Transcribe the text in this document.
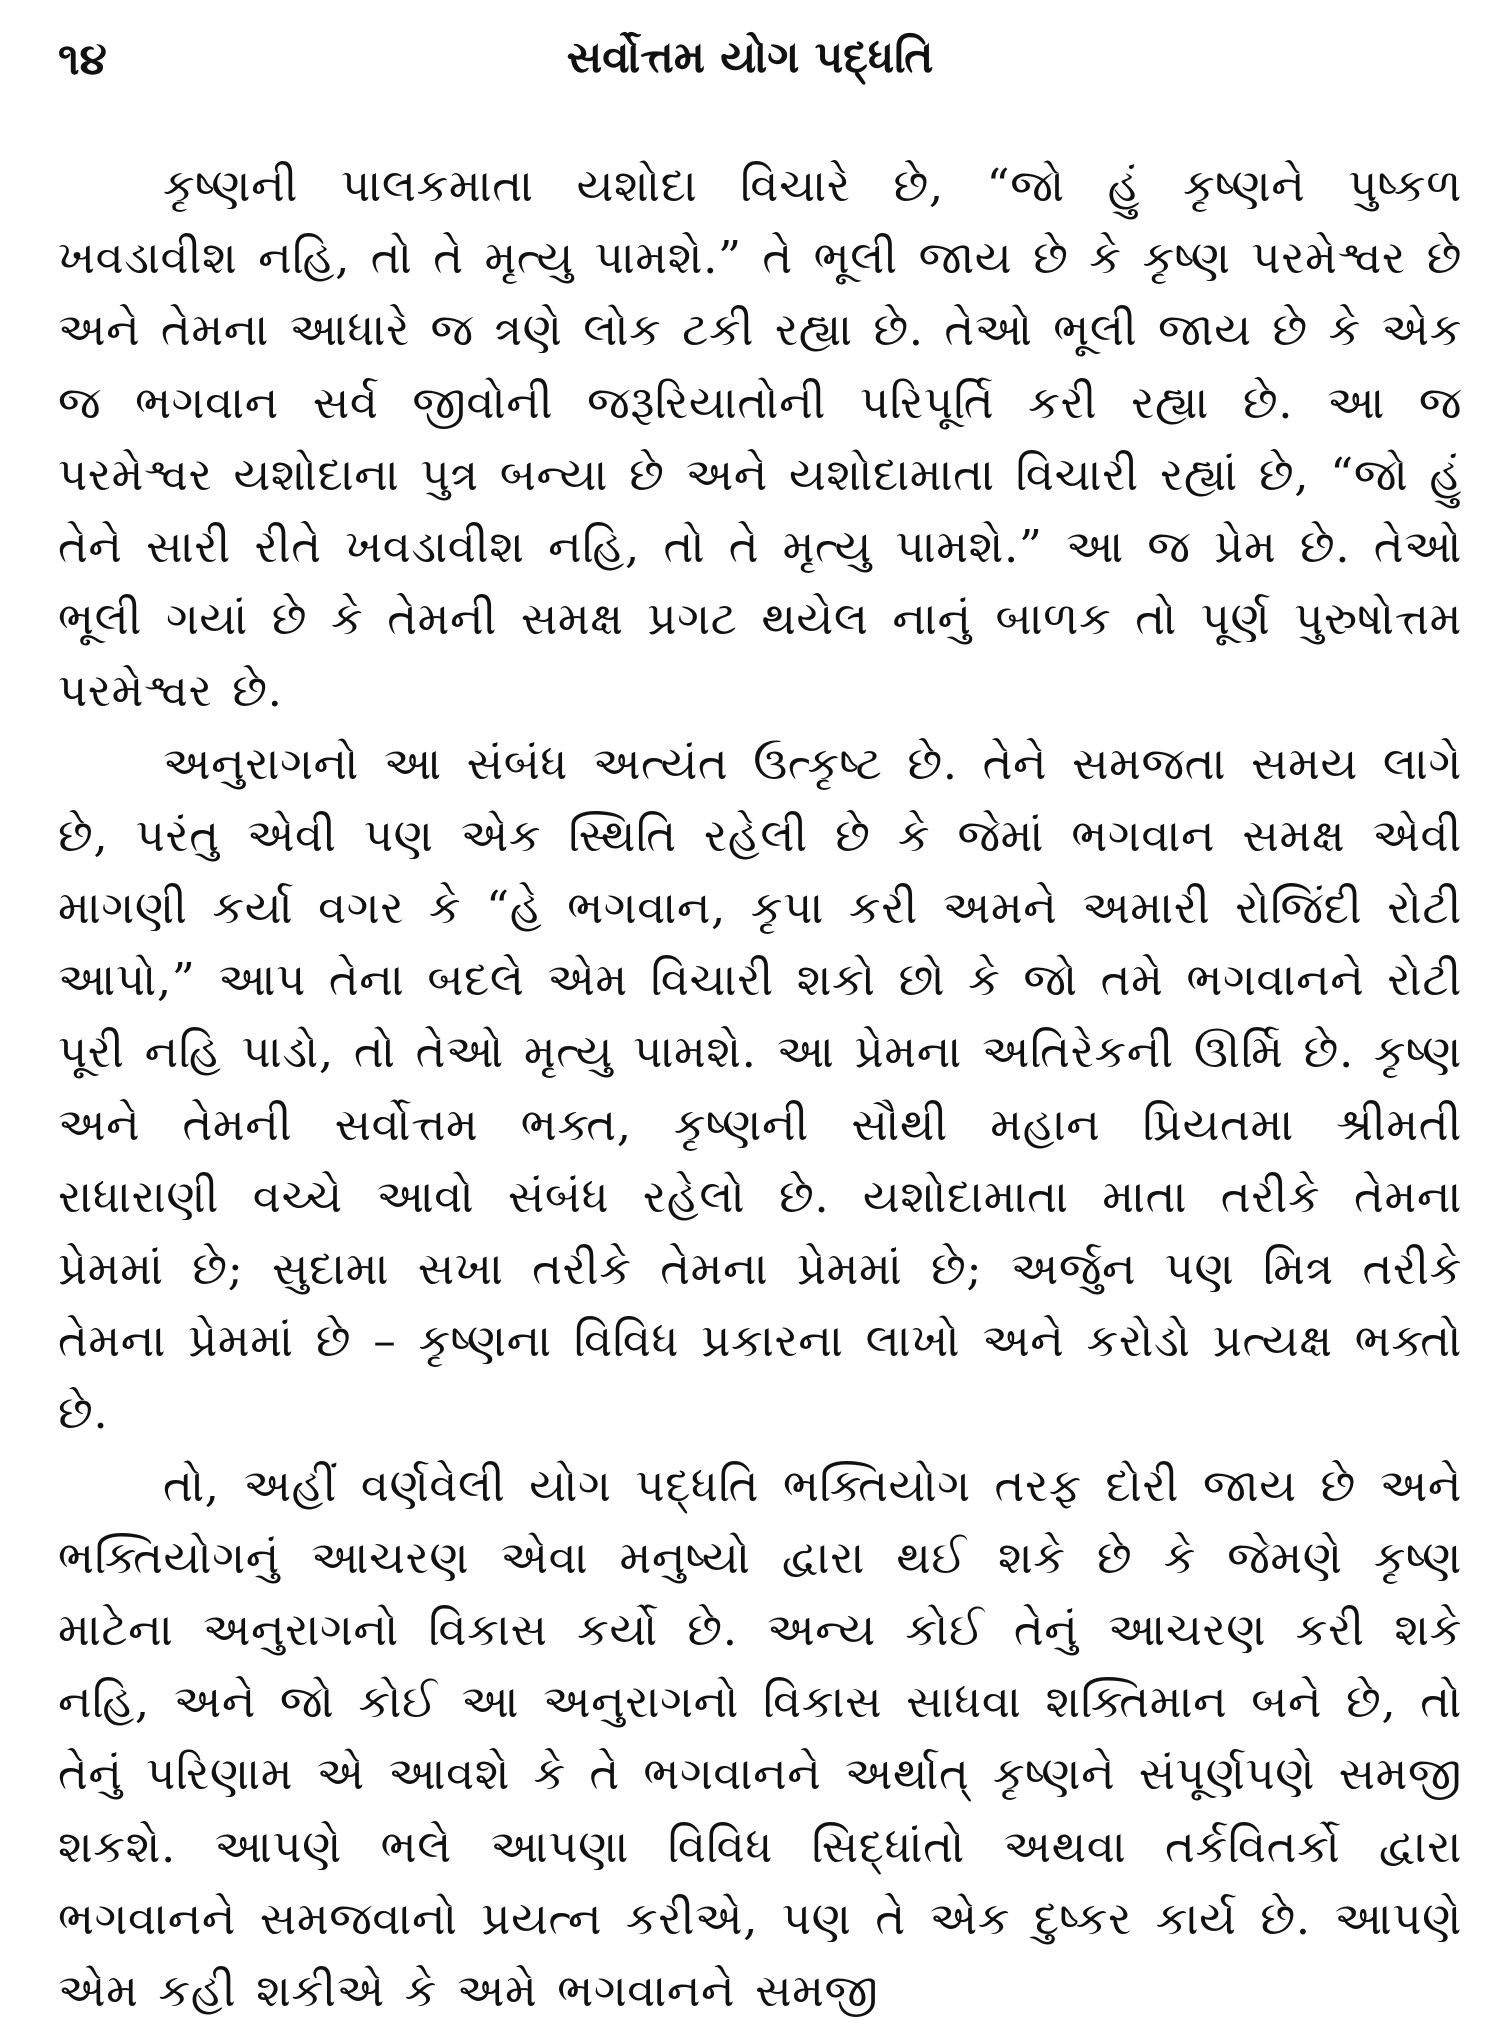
૧૪	સર્વોત્તમ યોગ પદ્ધતિ

કૃષ્ણની પાલકમાતા યશોદા વિચારે છે, “જો હું કૃષ્ણને પુષ્કળ ખવડાવીશ નહિ, તો તે મૃત્યુ પામશે.” તે ભૂલી જાય છે કે કૃષ્ણ પરમેશ્વર છે અને તેમના આધારે જ ત્રણે લોક ટકી રહ્યા છે. તેઓ ભૂલી જાય છે કે એક જ ભગવાન સર્વ જીવોની જરૂરિયાતોની પરિપૂર્તિ કરી રહ્યા છે. આ જ પરમેશ્વર યશોદાના પુત્ર બન્યા છે અને યશોદામાતા વિચારી રહ્યાં છે, “જો હું તેને સારી રીતે ખવડાવીશ નહિ, તો તે મૃત્યુ પામશે.” આ જ પ્રેમ છે. તેઓ ભૂલી ગયાં છે કે તેમની સમક્ષ પ્રગટ થયેલ નાનું બાળક તો પૂર્ણ પુરુષોત્તમ પરમેશ્વર છે.

અનુરાગનો આ સંબંધ અત્યંત ઉત્કૃષ્ટ છે. તેને સમજતા સમય લાગે છે, પરંતુ એવી પણ એક સ્થિતિ રહેલી છે કે જેમાં ભગવાન સમક્ષ એવી માગણી કર્યા વગર કે “હે ભગવાન, કૃપા કરી અમને અમારી રોજિંદી રોટી આપો,” આપ તેના બદલે એમ વિચારી શકો છો કે જો તમે ભગવાનને રોટી પૂરી નહિ પાડો, તો તેઓ મૃત્યુ પામશે. આ પ્રેમના અતિરેકની ઊર્મિ છે. કૃષ્ણ અને તેમની સર્વોત્તમ ભક્ત, કૃષ્ણની સૌથી મહાન પ્રિયતમા શ્રીમતી રાધારાણી વચ્ચે આવો સંબંધ રહેલો છે. યશોદામાતા માતા તરીકે તેમના પ્રેમમાં છે; સુદામા સખા તરીકે તેમના પ્રેમમાં છે; અર્જુન પણ મિત્ર તરીકે તેમના પ્રેમમાં છે – કૃષ્ણના વિવિધ પ્રકારના લાખો અને કરોડો પ્રત્યક્ષ ભક્તો છે.

તો, અહીં વર્ણવેલી યોગ પદ્ધતિ ભક્તિયોગ તરફ દોરી જાય છે અને ભક્તિયોગનું આચરણ એવા મનુષ્યો દ્વારા થઈ શકે છે કે જેમણે કૃષ્ણ માટેના અનુરાગનો વિકાસ કર્યો છે. અન્ય કોઈ તેનું આચરણ કરી શકે નહિ, અને જો કોઈ આ અનુરાગનો વિકાસ સાધવા શક્તિમાન બને છે, તો તેનું પરિણામ એ આવશે કે તે ભગવાનને અર્થાત્ કૃષ્ણને સંપૂર્ણપણે સમજી શકશે. આપણે ભલે આપણા વિવિધ સિદ્ધાંતો અથવા તર્કવિતર્કો દ્વારા ભગવાનને સમજવાનો પ્રયત્ન કરીએ, પણ તે એક દુષ્કર કાર્ય છે. આપણે એમ કહી શકીએ કે અમે ભગવાનને સમજી
